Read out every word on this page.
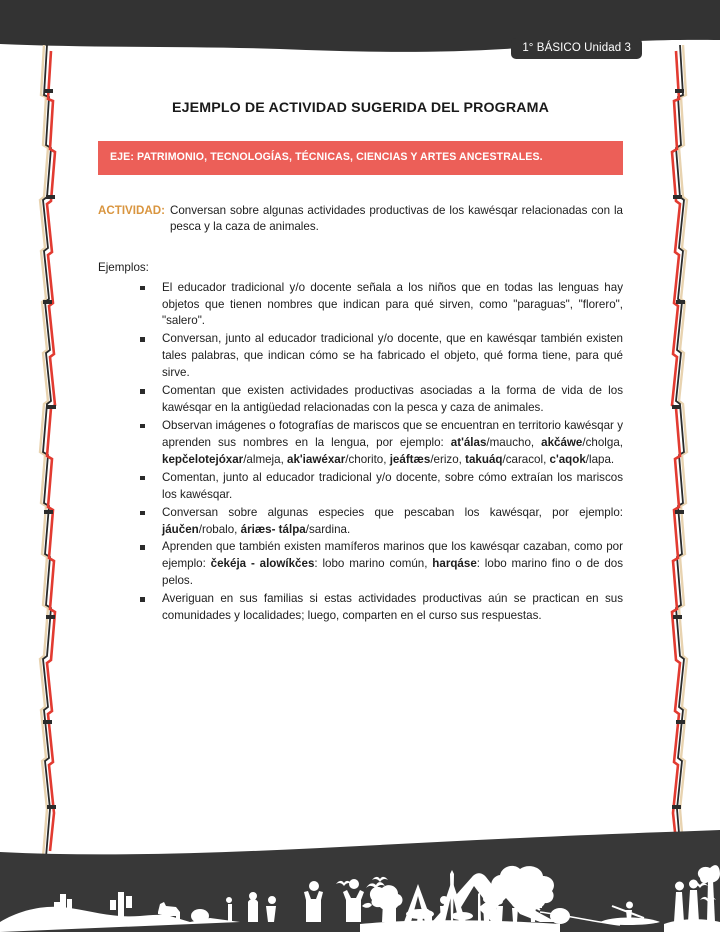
1° BÁSICO Unidad 3
EJEMPLO DE ACTIVIDAD SUGERIDA DEL PROGRAMA
EJE: PATRIMONIO, TECNOLOGÍAS, TÉCNICAS, CIENCIAS Y ARTES ANCESTRALES.
ACTIVIDAD: Conversan sobre algunas actividades productivas de los kawésqar relacionadas con la pesca y la caza de animales.
Ejemplos:
El educador tradicional y/o docente señala a los niños que en todas las lenguas hay objetos que tienen nombres que indican para qué sirven, como "paraguas", "florero", "salero".
Conversan, junto al educador tradicional y/o docente, que en kawésqar también existen tales palabras, que indican cómo se ha fabricado el objeto, qué forma tiene, para qué sirve.
Comentan que existen actividades productivas asociadas a la forma de vida de los kawésqar en la antigüedad relacionadas con la pesca y caza de animales.
Observan imágenes o fotografías de mariscos que se encuentran en territorio kawésqar y aprenden sus nombres en la lengua, por ejemplo: at'álas/maucho, akčáwe/cholga, kepčelotejóxar/almeja, ak'iawéxar/chorito, jeáftæs/erizo, takuáq/caracol, c'aqok/lapa.
Comentan, junto al educador tradicional y/o docente, sobre cómo extraían los mariscos los kawésqar.
Conversan sobre algunas especies que pescaban los kawésqar, por ejemplo: jáučen/robalo, áriæs- tálpa/sardina.
Aprenden que también existen mamíferos marinos que los kawésqar cazaban, como por ejemplo: čekéja - alowíkčes: lobo marino común, harqáse: lobo marino fino o de dos pelos.
Averiguan en sus familias si estas actividades productivas aún se practican en sus comunidades y localidades; luego, comparten en el curso sus respuestas.
